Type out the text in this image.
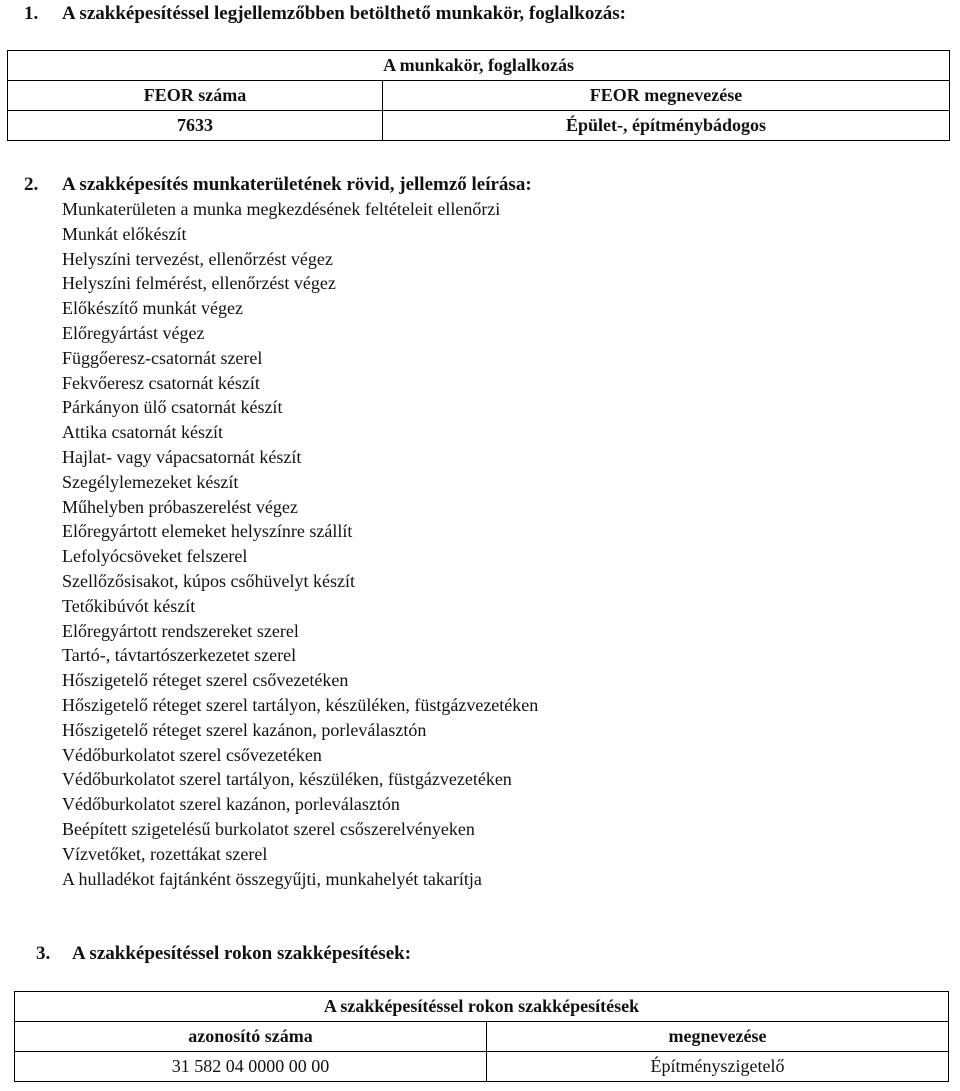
1. A szakképesítéssel legjellemzőbben betölthető munkakör, foglalkozás:
A munkakör, foglalkozás	
FEOR száma	FEOR megnevezése
7633	Épület-, építménybádogos
2. A szakképesítés munkaterületének rövid, jellemző leírása:
Munkaterületen a munka megkezdésének feltételeit ellenőrzi
Munkát előkészít
Helyszíni tervezést, ellenőrzést végez
Helyszíni felmérést, ellenőrzést végez
Előkészítő munkát végez
Előregyártást végez
Függőeresz-csatornát szerel
Fekvőeresz csatornát készít
Párkányon ülő csatornát készít
Attika csatornát készít
Hajlat- vagy vápacsatornát készít
Szegélylemezeket készít
Műhelyben próbaszerelést végez
Előregyártott elemeket helyszínre szállít
Lefolyócsöveket felszerel
Szellőzősisakot, kúpos csőhüvelyt készít
Tetőkibúvót készít
Előregyártott rendszereket szerel
Tartó-, távtartószerkezetet szerel
Hőszigetelő réteget szerel csővezetéken
Hőszigetelő réteget szerel tartályon, készüléken, füstgázvezetéken
Hőszigetelő réteget szerel kazánon, porleválasztón
Védőburkolatot szerel csővezetéken
Védőburkolatot szerel tartályon, készüléken, füstgázvezetéken
Védőburkolatot szerel kazánon, porleválasztón
Beépített szigetelésű burkolatot szerel csőszerelvényeken
Vízvetőket, rozettákat szerel
A hulladékot fajtánként összegyűjti, munkahelyét takarítja
3. A szakképesítéssel rokon szakképesítések:
A szakképesítéssel rokon szakképesítések	
azonosító száma	megnevezése
31 582 04 0000 00 00	Építményszigetelő
